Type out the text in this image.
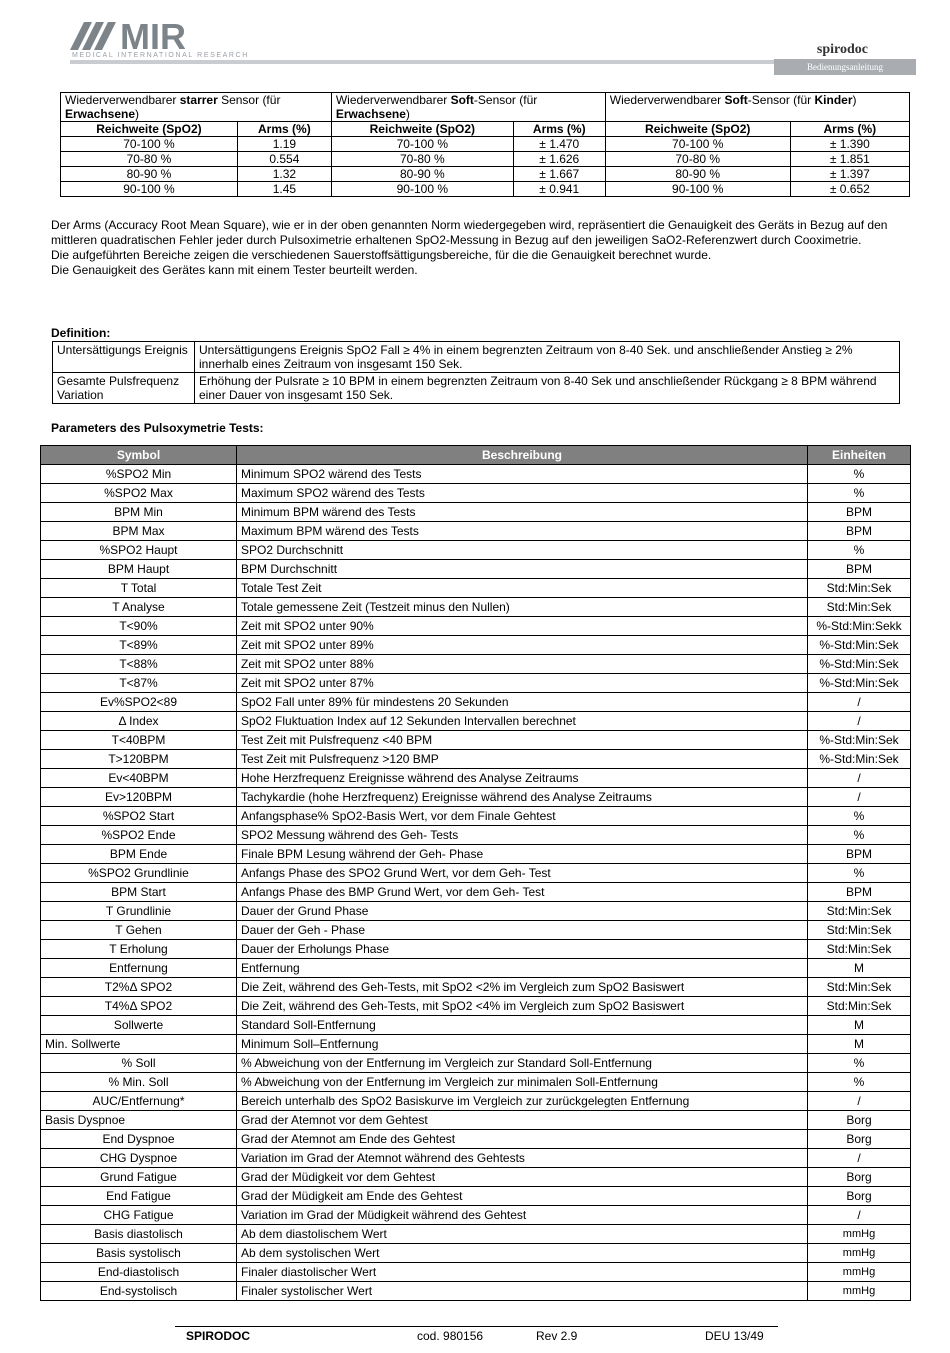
MIR
MEDICAL INTERNATIONAL RESEARCH	spirodoc
Bedienungsanleitung
Wiederverwendbarer starrer Sensor (für Erwachsene)		Wiederverwendbarer Soft-Sensor (für Erwachsene)		Wiederverwendbarer Soft-Sensor (für Kinder)	
Reichweite (SpO2)	Arms (%)	Reichweite (SpO2)	Arms (%)	Reichweite (SpO2)	Arms (%)
70-100 %	1.19	70-100 %	± 1.470	70-100 %	± 1.390
70-80 %	0.554	70-80 %	± 1.626	70-80 %	± 1.851
80-90 %	1.32	80-90 %	± 1.667	80-90 %	± 1.397
90-100 %	1.45	90-100 %	± 0.941	90-100 %	± 0.652

Der Arms (Accuracy Root Mean Square), wie er in der oben genannten Norm wiedergegeben wird, repräsentiert die Genauigkeit des Geräts in Bezug auf den mittleren quadratischen Fehler jeder durch Pulsoximetrie erhaltenen SpO2-Messung in Bezug auf den jeweiligen SaO2-Referenzwert durch Cooximetrie.

Die aufgeführten Bereiche zeigen die verschiedenen Sauerstoffsättigungsbereiche, für die die Genauigkeit berechnet wurde.

Die Genauigkeit des Gerätes kann mit einem Tester beurteilt werden.

Definition:
Untersättigungs Ereignis	Untersättigungens Ereignis SpO2 Fall ≥ 4% in einem begrenzten Zeitraum von 8-40 Sek. und anschließender Anstieg ≥ 2% innerhalb eines Zeitraum von insgesamt 150 Sek.
Gesamte Pulsfrequenz Variation	Erhöhung der Pulsrate ≥ 10 BPM in einem begrenzten Zeitraum von 8-40 Sek und anschließender Rückgang ≥ 8 BPM während einer Dauer von insgesamt 150 Sek.
Parameters des Pulsoxymetrie Tests:
Symbol	Beschreibung	Einheiten
%SPO2 Min	Minimum SPO2 wärend des Tests	%
%SPO2 Max	Maximum SPO2 wärend des Tests	%
BPM Min	Minimum BPM wärend des Tests	BPM
BPM Max	Maximum BPM wärend des Tests	BPM
%SPO2 Haupt	SPO2 Durchschnitt	%
BPM Haupt	BPM Durchschnitt	BPM
T Total	Totale Test Zeit	Std:Min:Sek
T Analyse	Totale gemessene Zeit (Testzeit minus den Nullen)	Std:Min:Sek
T<90%	Zeit mit SPO2 unter 90%	%-Std:Min:Sekk
T<89%	Zeit mit SPO2 unter 89%	%-Std:Min:Sek
T<88%	Zeit mit SPO2 unter 88%	%-Std:Min:Sek
T<87%	Zeit mit SPO2 unter 87%	%-Std:Min:Sek
Ev%SPO2<89	SpO2 Fall unter 89% für mindestens 20 Sekunden	/
Δ Index	SpO2 Fluktuation Index auf 12 Sekunden Intervallen berechnet	/
T<40BPM	Test Zeit mit Pulsfrequenz <40 BPM	%-Std:Min:Sek
T>120BPM	Test Zeit mit Pulsfrequenz >120 BMP	%-Std:Min:Sek
Ev<40BPM	Hohe Herzfrequenz Ereignisse während des Analyse Zeitraums	/
Ev>120BPM	Tachykardie (hohe Herzfrequenz) Ereignisse während des Analyse Zeitraums	/
%SPO2 Start	Anfangsphase% SpO2-Basis Wert, vor dem Finale Gehtest	%
%SPO2 Ende	SPO2 Messung während des Geh- Tests	%
BPM Ende	Finale BPM Lesung während der Geh- Phase	BPM
%SPO2 Grundlinie	Anfangs Phase des SPO2 Grund Wert, vor dem Geh- Test	%
BPM Start	Anfangs Phase des BMP Grund Wert, vor dem Geh- Test	BPM
T Grundlinie	Dauer der Grund Phase	Std:Min:Sek
T Gehen	Dauer der Geh - Phase	Std:Min:Sek
T Erholung	Dauer der Erholungs Phase	Std:Min:Sek
Entfernung	Entfernung	M
T2%Δ SPO2	Die Zeit, während des Geh-Tests, mit SpO2 <2% im Vergleich zum SpO2 Basiswert	Std:Min:Sek
T4%Δ SPO2	Die Zeit, während des Geh-Tests, mit SpO2 <4% im Vergleich zum SpO2 Basiswert	Std:Min:Sek
Sollwerte	Standard Soll-Entfernung	M
Min. Sollwerte	Minimum Soll–Entfernung	M
% Soll	% Abweichung von der Entfernung im Vergleich zur Standard Soll-Entfernung	%
% Min. Soll	% Abweichung von der Entfernung im Vergleich zur minimalen Soll-Entfernung	%
AUC/Entfernung*	Bereich unterhalb des SpO2 Basiskurve im Vergleich zur zurückgelegten Entfernung	/
Basis Dyspnoe	Grad der Atemnot vor dem Gehtest	Borg
End Dyspnoe	Grad der Atemnot am Ende des Gehtest	Borg
CHG Dyspnoe	Variation im Grad der Atemnot während des Gehtests	/
Grund Fatigue	Grad der Müdigkeit vor dem Gehtest	Borg
End Fatigue	Grad der Müdigkeit am Ende des Gehtest	Borg
CHG Fatigue	Variation im Grad der Müdigkeit während des Gehtest	/
Basis diastolisch	Ab dem diastolischem Wert	mmHg
Basis systolisch	Ab dem systolischen Wert	mmHg
End-diastolisch	Finaler diastolischer Wert	mmHg
End-systolisch	Finaler systolischer Wert	mmHg
SPIRODOC	cod. 980156	Rev 2.9	DEU 13/49
